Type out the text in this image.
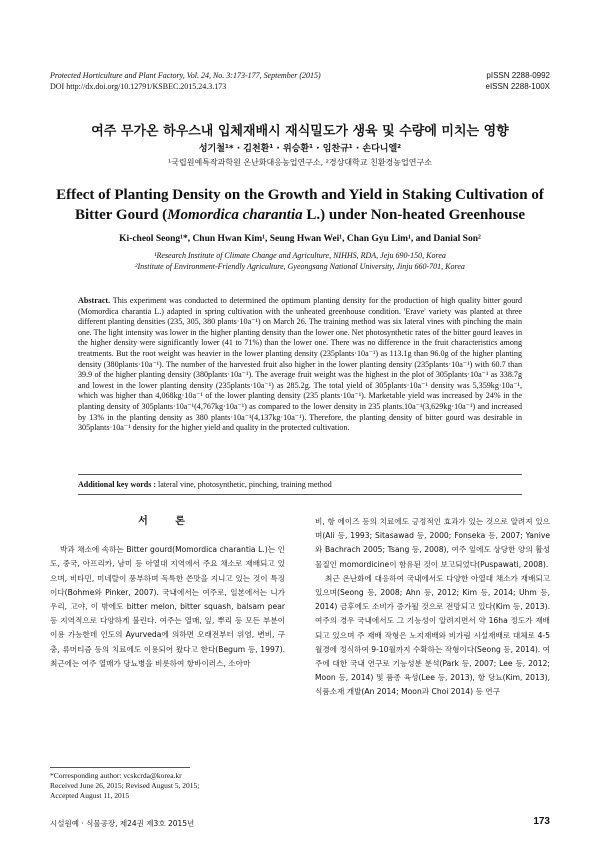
Protected Horticulture and Plant Factory, Vol. 24, No. 3:173-177, September (2015)
DOI http://dx.doi.org/10.12791/KSBEC.2015.24.3.173
pISSN 2288-0992
eISSN 2288-100X
여주 무가온 하우스내 입체재배시 재식밀도가 생육 및 수량에 미치는 영향
성기철¹* · 김천환¹ · 위승환¹ · 임찬규¹ · 손다니엘²
¹국립원예특작과학원 온난화대응농업연구소, ²경상대학교 친환경농업연구소
Effect of Planting Density on the Growth and Yield in Staking Cultivation of
Bitter Gourd (Momordica charantia L.) under Non-heated Greenhouse
Ki-cheol Seong¹*, Chun Hwan Kim¹, Seung Hwan Wei¹, Chan Gyu Lim¹, and Danial Son²
¹Research Institute of Climate Change and Agriculture, NIHHS, RDA, Jeju 690-150, Korea
²Institute of Environment-Friendly Agriculture, Gyeongsang National University, Jinju 660-701, Korea
Abstract. This experiment was conducted to determined the optimum planting density for the production of high quality bitter gourd (Momordica charantia L.) adapted in spring cultivation with the unheated greenhouse condition. 'Erave' variety was planted at three different planting densities (235, 305, 380 plants·10a⁻¹) on March 26. The training method was six lateral vines with pinching the main one. The light intensity was lower in the higher planting density than the lower one. Net photosynthetic rates of the bitter gourd leaves in the higher density were significantly lower (41 to 71%) than the lower one. There was no difference in the fruit characteristics among treatments. But the root weight was heavier in the lower planting density (235plants·10a⁻¹) as 113.1g than 96.0g of the higher planting density (380plants·10a⁻¹). The number of the harvested fruit also higher in the lower planting density (235plants·10a⁻¹) with 60.7 than 39.9 of the higher planting density (380plants·10a⁻¹). The average fruit weight was the highest in the plot of 305plants·10a⁻¹ as 338.7g and lowest in the lower planting density (235plants·10a⁻¹) as 285.2g. The total yield of 305plants·10a⁻¹ density was 5,359kg·10a⁻¹, which was higher than 4,068kg·10a⁻¹ of the lower planting density (235 plants·10a⁻¹). Marketable yield was increased by 24% in the planting density of 305plants·10a⁻¹(4,767kg·10a⁻¹) as compared to the lower density in 235 plants.10a⁻¹(3,629kg·10a⁻¹) and increased by 13% in the planting density as 380 plants·10a⁻¹(4,137kg·10a⁻¹). Therefore, the planting density of bitter gourd was desirable in 305plants·10a⁻¹ density for the higher yield and quality in the protected cultivation.
Additional key words : lateral vine, photosynthetic, pinching, training method
서 론

박과 채소에 속하는 Bitter gourd(Momordica charantia L.)는 인도, 중국, 아프리카, 남미 등 아열대 지역에서 주요 채소로 재배되고 있으며, 비타민, 미네랄이 풍부하며 독특한 쓴맛을 지니고 있는 것이 특징이다(Bohme와 Pinker, 2007). 국내에서는 여주로, 일본에서는 니가우리, 고야, 이 밖에도 bitter melon, bitter squash, balsam pear 등 지역적으로 다양하게 불린다. 여주는 열매, 잎, 뿌리 등 모든 부분이 이용 가능한데 인도의 Ayurveda에 의하면 오래전부터 위염, 변비, 구충, 류머티즘 등의 치료에도 이용되어 왔다고 한다(Begum 등, 1997). 최근에는 여주 열매가 당뇨병을 비롯하여 항바이러스, 소아마

비, 항 에이즈 등의 치료에도 긍정적인 효과가 있는 것으로 알려져 있으며(Ali 등, 1993; Sitasawad 등, 2000; Fonseka 등, 2007; Yanive와 Bachrach 2005; Tsang 등, 2008), 여주 잎에도 상당한 양의 활성물질인 momordicine이 함유된 것이 보고되었다(Puspawati, 2008).

최근 온난화에 대응하여 국내에서도 다양한 아열대 채소가 재배되고 있으며(Seong 등, 2008; Ahn 등, 2012; Kim 등, 2014; Uhm 등, 2014) 금후에도 소비가 증가될 것으로 전망되고 있다(Kim 등, 2013). 여주의 경우 국내에서도 그 기능성이 알려지면서 약 16ha 정도가 재배되고 있으며 주 재배 작형은 노지재배와 비가림 시설재배로 대체로 4-5월경에 정식하여 9-10월까지 수확하는 작형이다(Seong 등, 2014). 여주에 대한 국내 연구로 기능성분 분석(Park 등, 2007; Lee 등, 2012; Moon 등, 2014) 및 품종 육성(Lee 등, 2013), 항 당뇨(Kim, 2013), 식품소재 개발(An 2014; Moon과 Choi 2014) 등 연구

*Corresponding author: vcskcrda@korea.kr
Received June 26, 2015; Revised August 5, 2015;
Accepted August 11, 2015
시설원예 · 식물공장, 제24권 제3호 2015년	173
